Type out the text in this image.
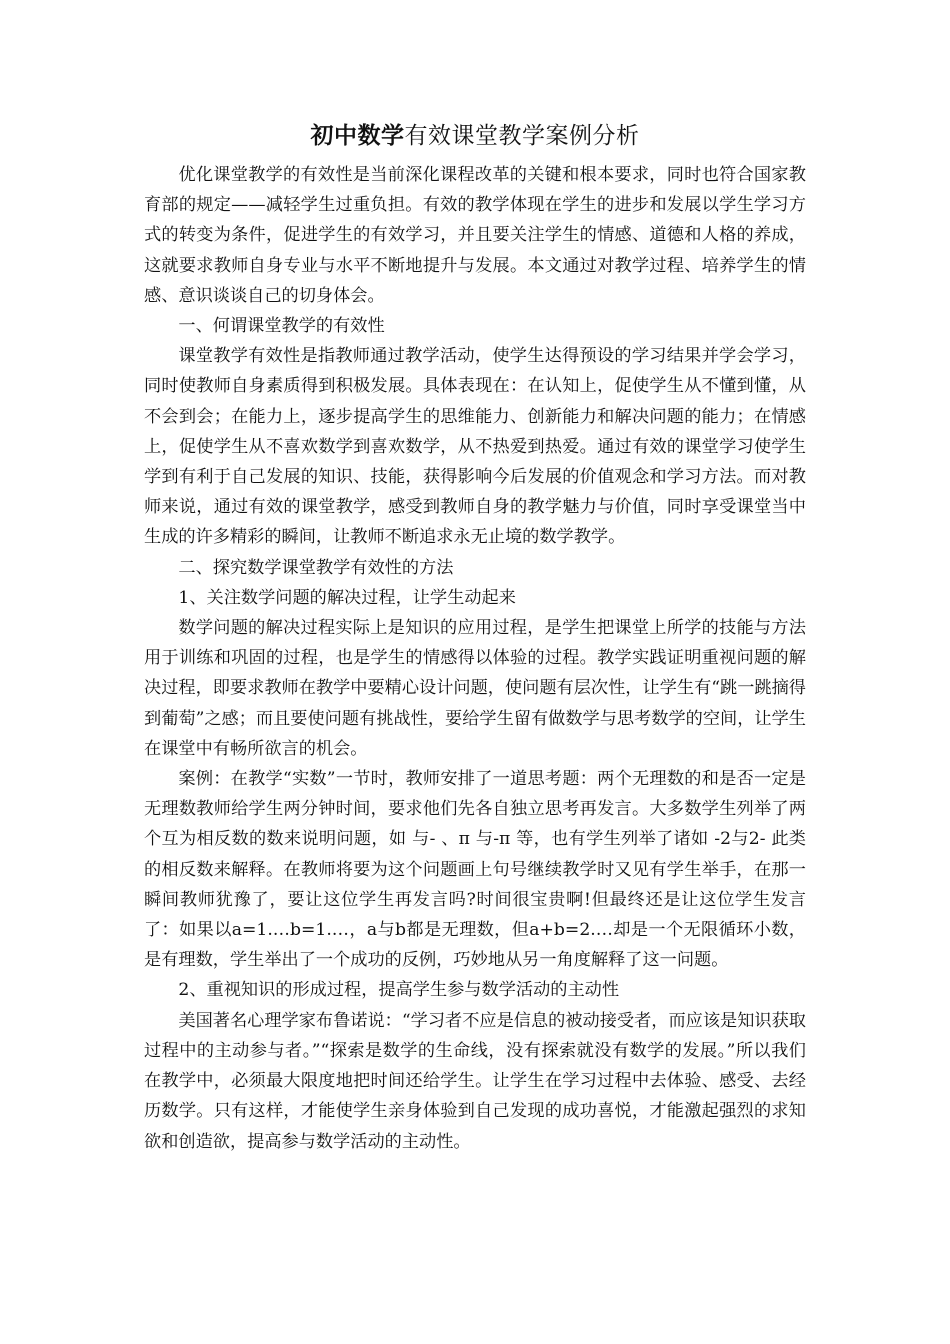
初中数学有效课堂教学案例分析

优化课堂教学的有效性是当前深化课程改革的关键和根本要求，同时也符合国家教育部的规定——减轻学生过重负担。有效的教学体现在学生的进步和发展以学生学习方式的转变为条件，促进学生的有效学习，并且要关注学生的情感、道德和人格的养成，这就要求教师自身专业与水平不断地提升与发展。本文通过对教学过程、培养学生的情感、意识谈谈自己的切身体会。

一、何谓课堂教学的有效性

课堂教学有效性是指教师通过教学活动，使学生达得预设的学习结果并学会学习，同时使教师自身素质得到积极发展。具体表现在：在认知上，促使学生从不懂到懂，从不会到会；在能力上，逐步提高学生的思维能力、创新能力和解决问题的能力；在情感上，促使学生从不喜欢数学到喜欢数学，从不热爱到热爱。通过有效的课堂学习使学生学到有利于自己发展的知识、技能，获得影响今后发展的价值观念和学习方法。而对教师来说，通过有效的课堂教学，感受到教师自身的教学魅力与价值，同时享受课堂当中生成的许多精彩的瞬间，让教师不断追求永无止境的数学教学。

二、探究数学课堂教学有效性的方法

1、关注数学问题的解决过程，让学生动起来

数学问题的解决过程实际上是知识的应用过程，是学生把课堂上所学的技能与方法用于训练和巩固的过程，也是学生的情感得以体验的过程。教学实践证明重视问题的解决过程，即要求教师在教学中要精心设计问题，使问题有层次性，让学生有“跳一跳摘得到葡萄”之感；而且要使问题有挑战性，要给学生留有做数学与思考数学的空间，让学生在课堂中有畅所欲言的机会。

案例：在教学“实数”一节时，教师安排了一道思考题：两个无理数的和是否一定是无理数教师给学生两分钟时间，要求他们先各自独立思考再发言。大多数学生列举了两个互为相反数的数来说明问题，如 与- 、π 与-π 等，也有学生列举了诸如 -2与2- 此类的相反数来解释。在教师将要为这个问题画上句号继续教学时又见有学生举手，在那一瞬间教师犹豫了，要让这位学生再发言吗?时间很宝贵啊!但最终还是让这位学生发言了：如果以a=1.…b=1.…，a与b都是无理数，但a+b=2.…却是一个无限循环小数，是有理数，学生举出了一个成功的反例，巧妙地从另一角度解释了这一问题。

2、重视知识的形成过程，提高学生参与数学活动的主动性

美国著名心理学家布鲁诺说：“学习者不应是信息的被动接受者，而应该是知识获取过程中的主动参与者。”“探索是数学的生命线，没有探索就没有数学的发展。”所以我们在教学中，必须最大限度地把时间还给学生。让学生在学习过程中去体验、感受、去经历数学。只有这样，才能使学生亲身体验到自己发现的成功喜悦，才能激起强烈的求知欲和创造欲，提高参与数学活动的主动性。
